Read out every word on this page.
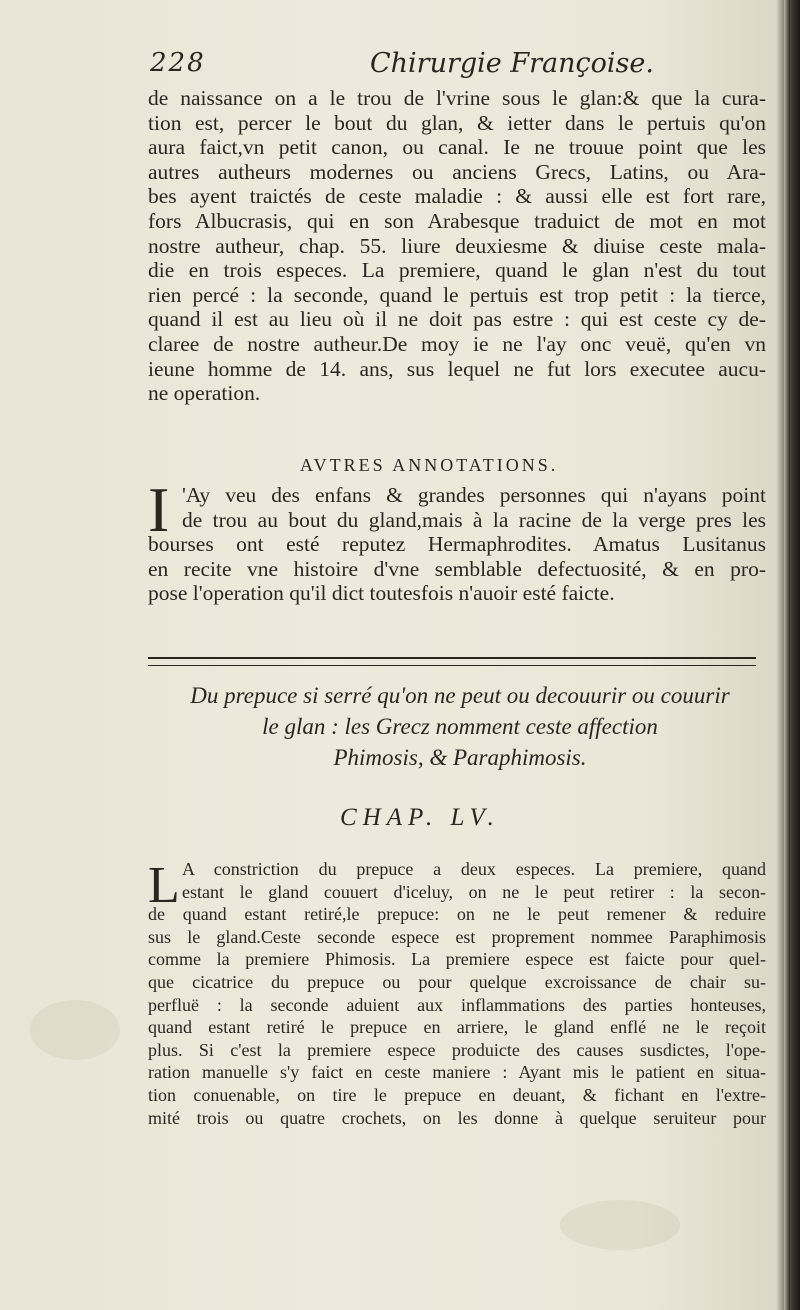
228	Chirurgie Françoise.
de naissance on a le trou de l'vrine sous le glan:& que la cura-
tion est, percer le bout du glan, & ietter dans le pertuis qu'on
aura faict,vn petit canon, ou canal. Ie ne trouue point que les
autres autheurs modernes ou anciens Grecs, Latins, ou Ara-
bes ayent traictés de ceste maladie : & aussi elle est fort rare,
fors Albucrasis, qui en son Arabesque traduict de mot en mot
nostre autheur, chap. 55. liure deuxiesme & diuise ceste mala-
die en trois especes. La premiere, quand le glan n'est du tout
rien percé : la seconde, quand le pertuis est trop petit : la tierce,
quand il est au lieu où il ne doit pas estre : qui est ceste cy de-
claree de nostre autheur.De moy ie ne l'ay onc veuë, qu'en vn
ieune homme de 14. ans, sus lequel ne fut lors executee aucu-
ne operation.
AVTRES ANNOTATIONS.
I 'Ay veu des enfans & grandes personnes qui n'ayans point
de trou au bout du gland,mais à la racine de la verge pres les
bourses ont esté reputez Hermaphrodites. Amatus Lusitanus
en recite vne histoire d'vne semblable defectuosité, & en pro-
pose l'operation qu'il dict toutesfois n'auoir esté faicte.
Du prepuce si serré qu'on ne peut ou decouurir ou couurir
le glan : les Grecz nomment ceste affection
Phimosis, & Paraphimosis.
CHAP. LV.
L A constriction du prepuce a deux especes. La premiere, quand
estant le gland couuert d'iceluy, on ne le peut retirer : la secon-
de quand estant retiré,le prepuce: on ne le peut remener & reduire
sus le gland.Ceste seconde espece est proprement nommee Paraphimosis
comme la premiere Phimosis. La premiere espece est faicte pour quel-
que cicatrice du prepuce ou pour quelque excroissance de chair su-
perfluë : la seconde aduient aux inflammations des parties honteuses,
quand estant retiré le prepuce en arriere, le gland enflé ne le reçoit
plus. Si c'est la premiere espece produicte des causes susdictes, l'ope-
ration manuelle s'y faict en ceste maniere : Ayant mis le patient en situa-
tion conuenable, on tire le prepuce en deuant, & fichant en l'extre-
mité trois ou quatre crochets, on les donne à quelque seruiteur pour
